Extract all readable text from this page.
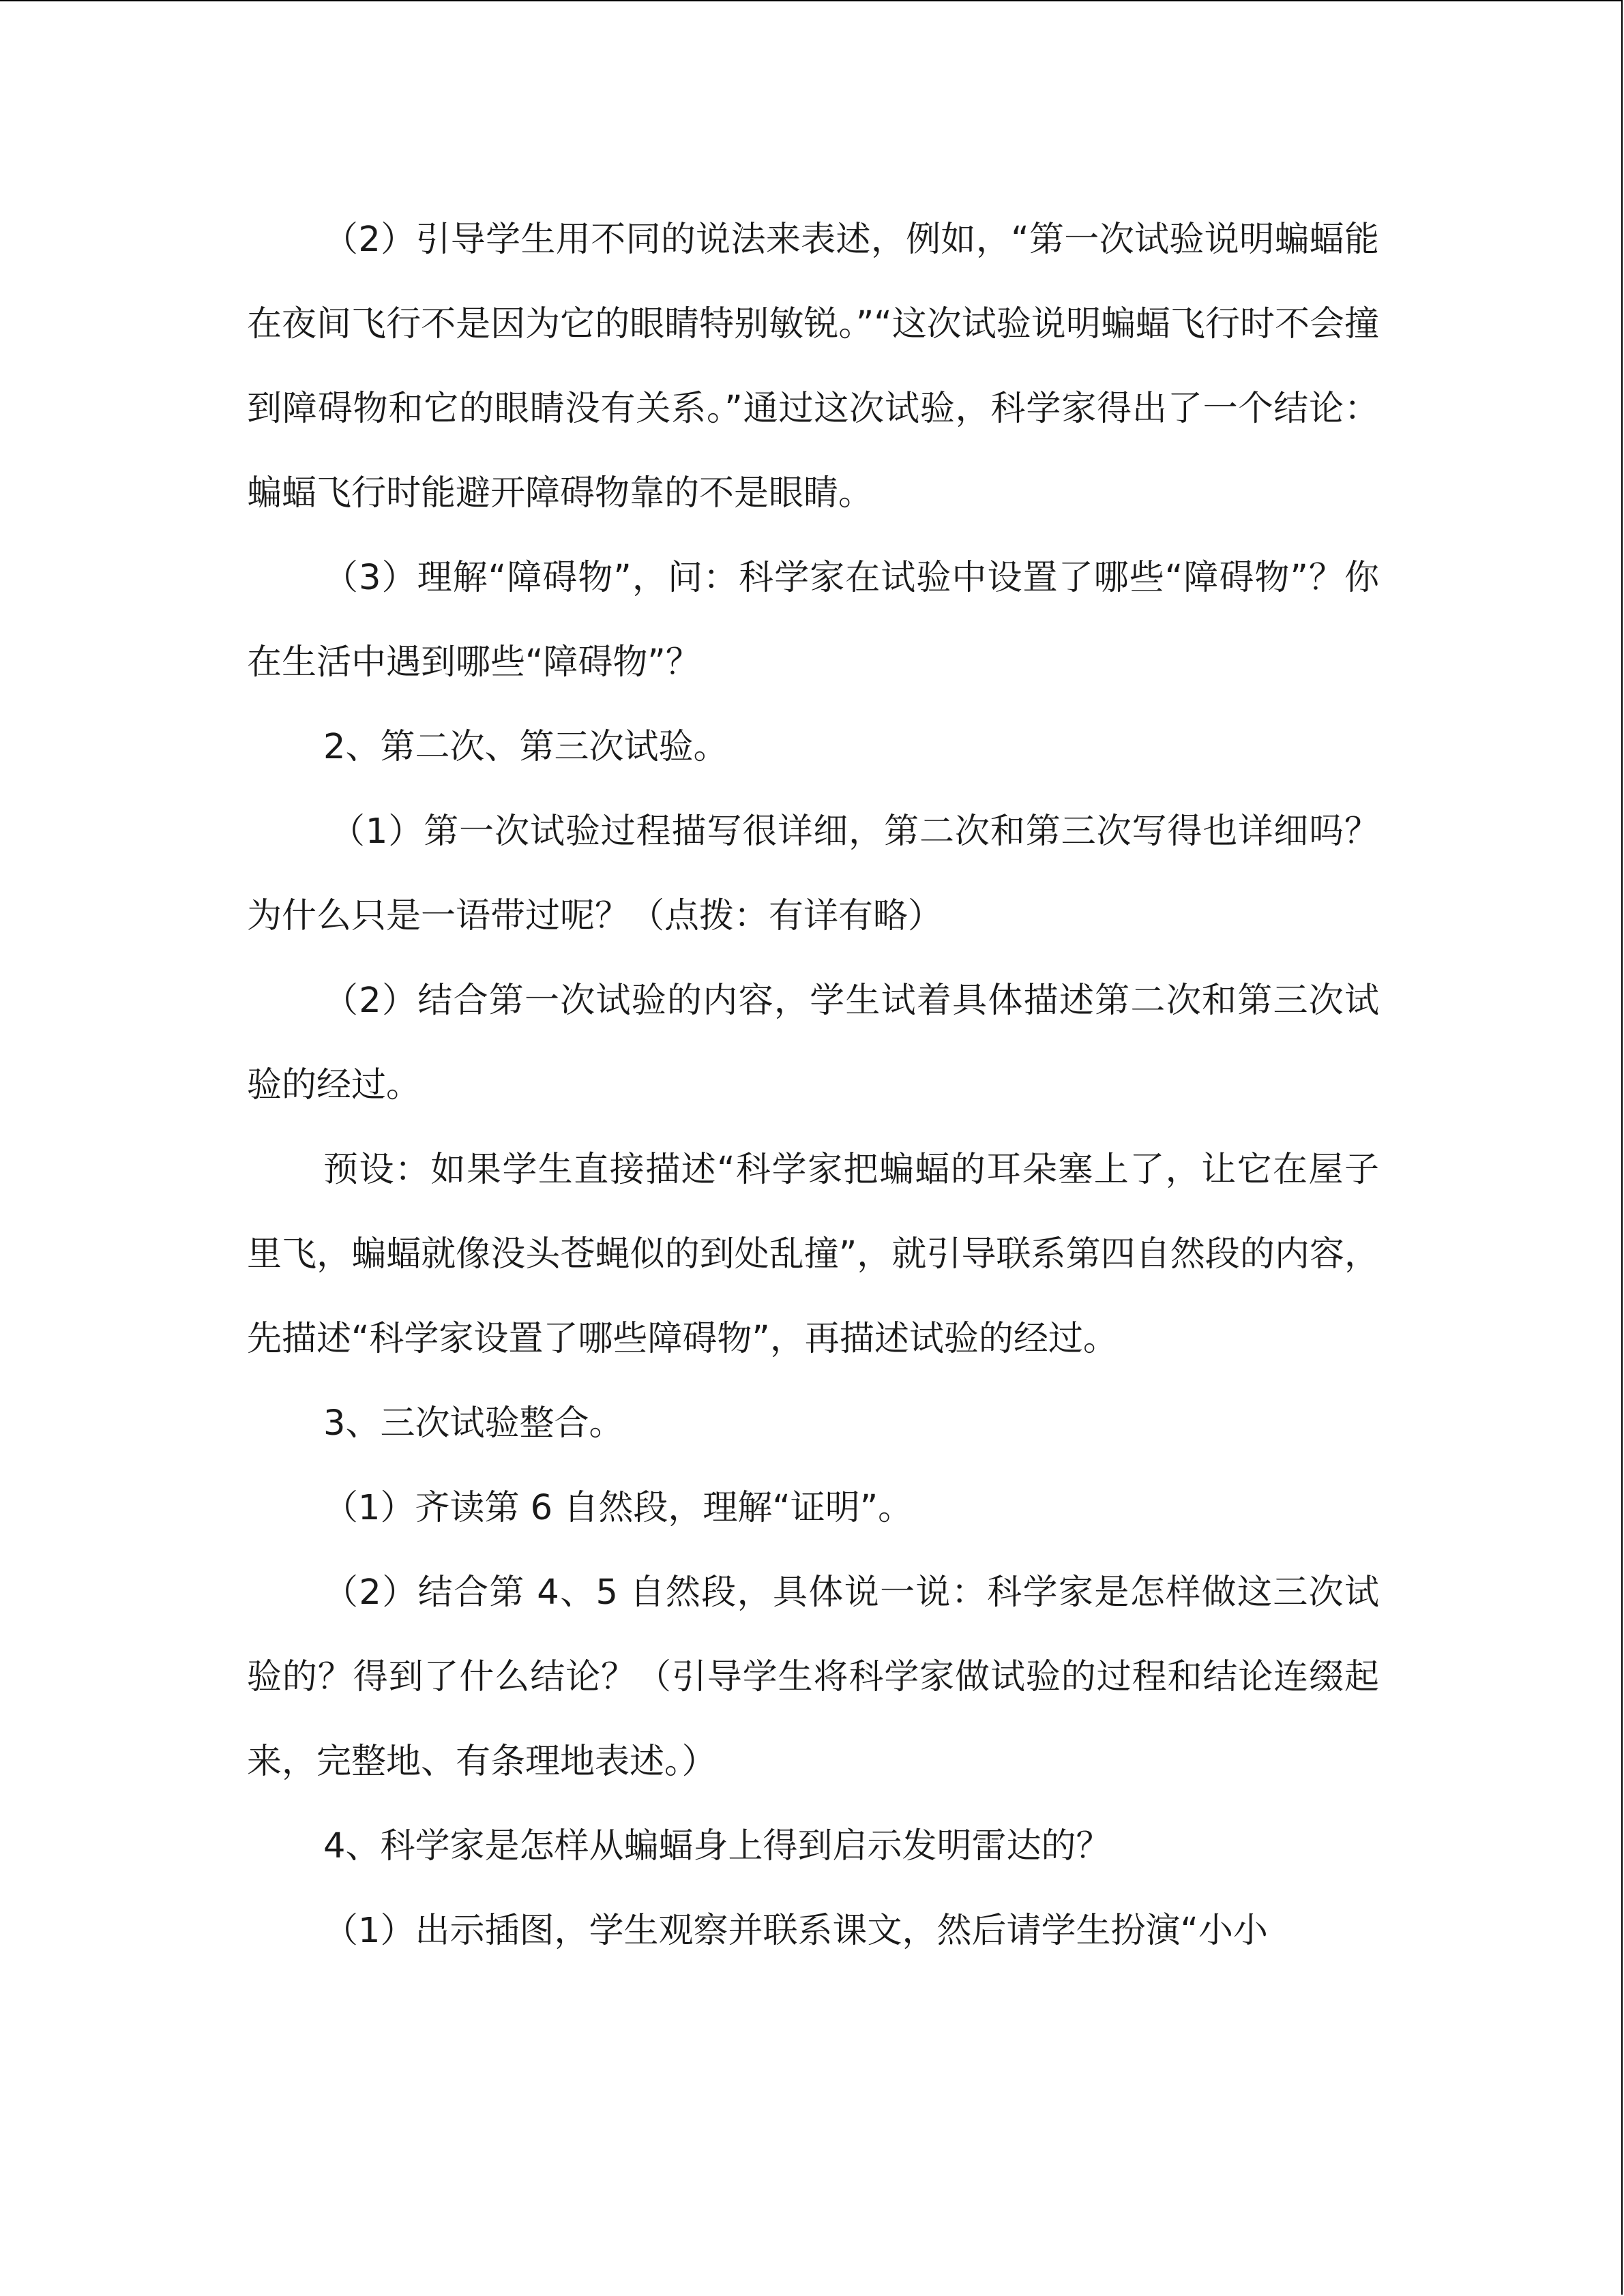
（2）引导学生用不同的说法来表述，例如，“第一次试验说明蝙蝠能在夜间飞行不是因为它的眼睛特别敏锐。”“这次试验说明蝙蝠飞行时不会撞到障碍物和它的眼睛没有关系。”通过这次试验，科学家得出了一个结论：蝙蝠飞行时能避开障碍物靠的不是眼睛。

（3）理解“障碍物”，问：科学家在试验中设置了哪些“障碍物”？你在生活中遇到哪些“障碍物”？

2、第二次、第三次试验。

（1）第一次试验过程描写很详细，第二次和第三次写得也详细吗？为什么只是一语带过呢？（点拨：有详有略）

（2）结合第一次试验的内容，学生试着具体描述第二次和第三次试验的经过。

预设：如果学生直接描述“科学家把蝙蝠的耳朵塞上了，让它在屋子里飞，蝙蝠就像没头苍蝇似的到处乱撞”，就引导联系第四自然段的内容，先描述“科学家设置了哪些障碍物”，再描述试验的经过。

3、三次试验整合。

（1）齐读第 6 自然段，理解“证明”。

（2）结合第 4、5 自然段，具体说一说：科学家是怎样做这三次试验的？得到了什么结论？（引导学生将科学家做试验的过程和结论连缀起来，完整地、有条理地表述。）

4、科学家是怎样从蝙蝠身上得到启示发明雷达的？

（1）出示插图，学生观察并联系课文，然后请学生扮演“小小
